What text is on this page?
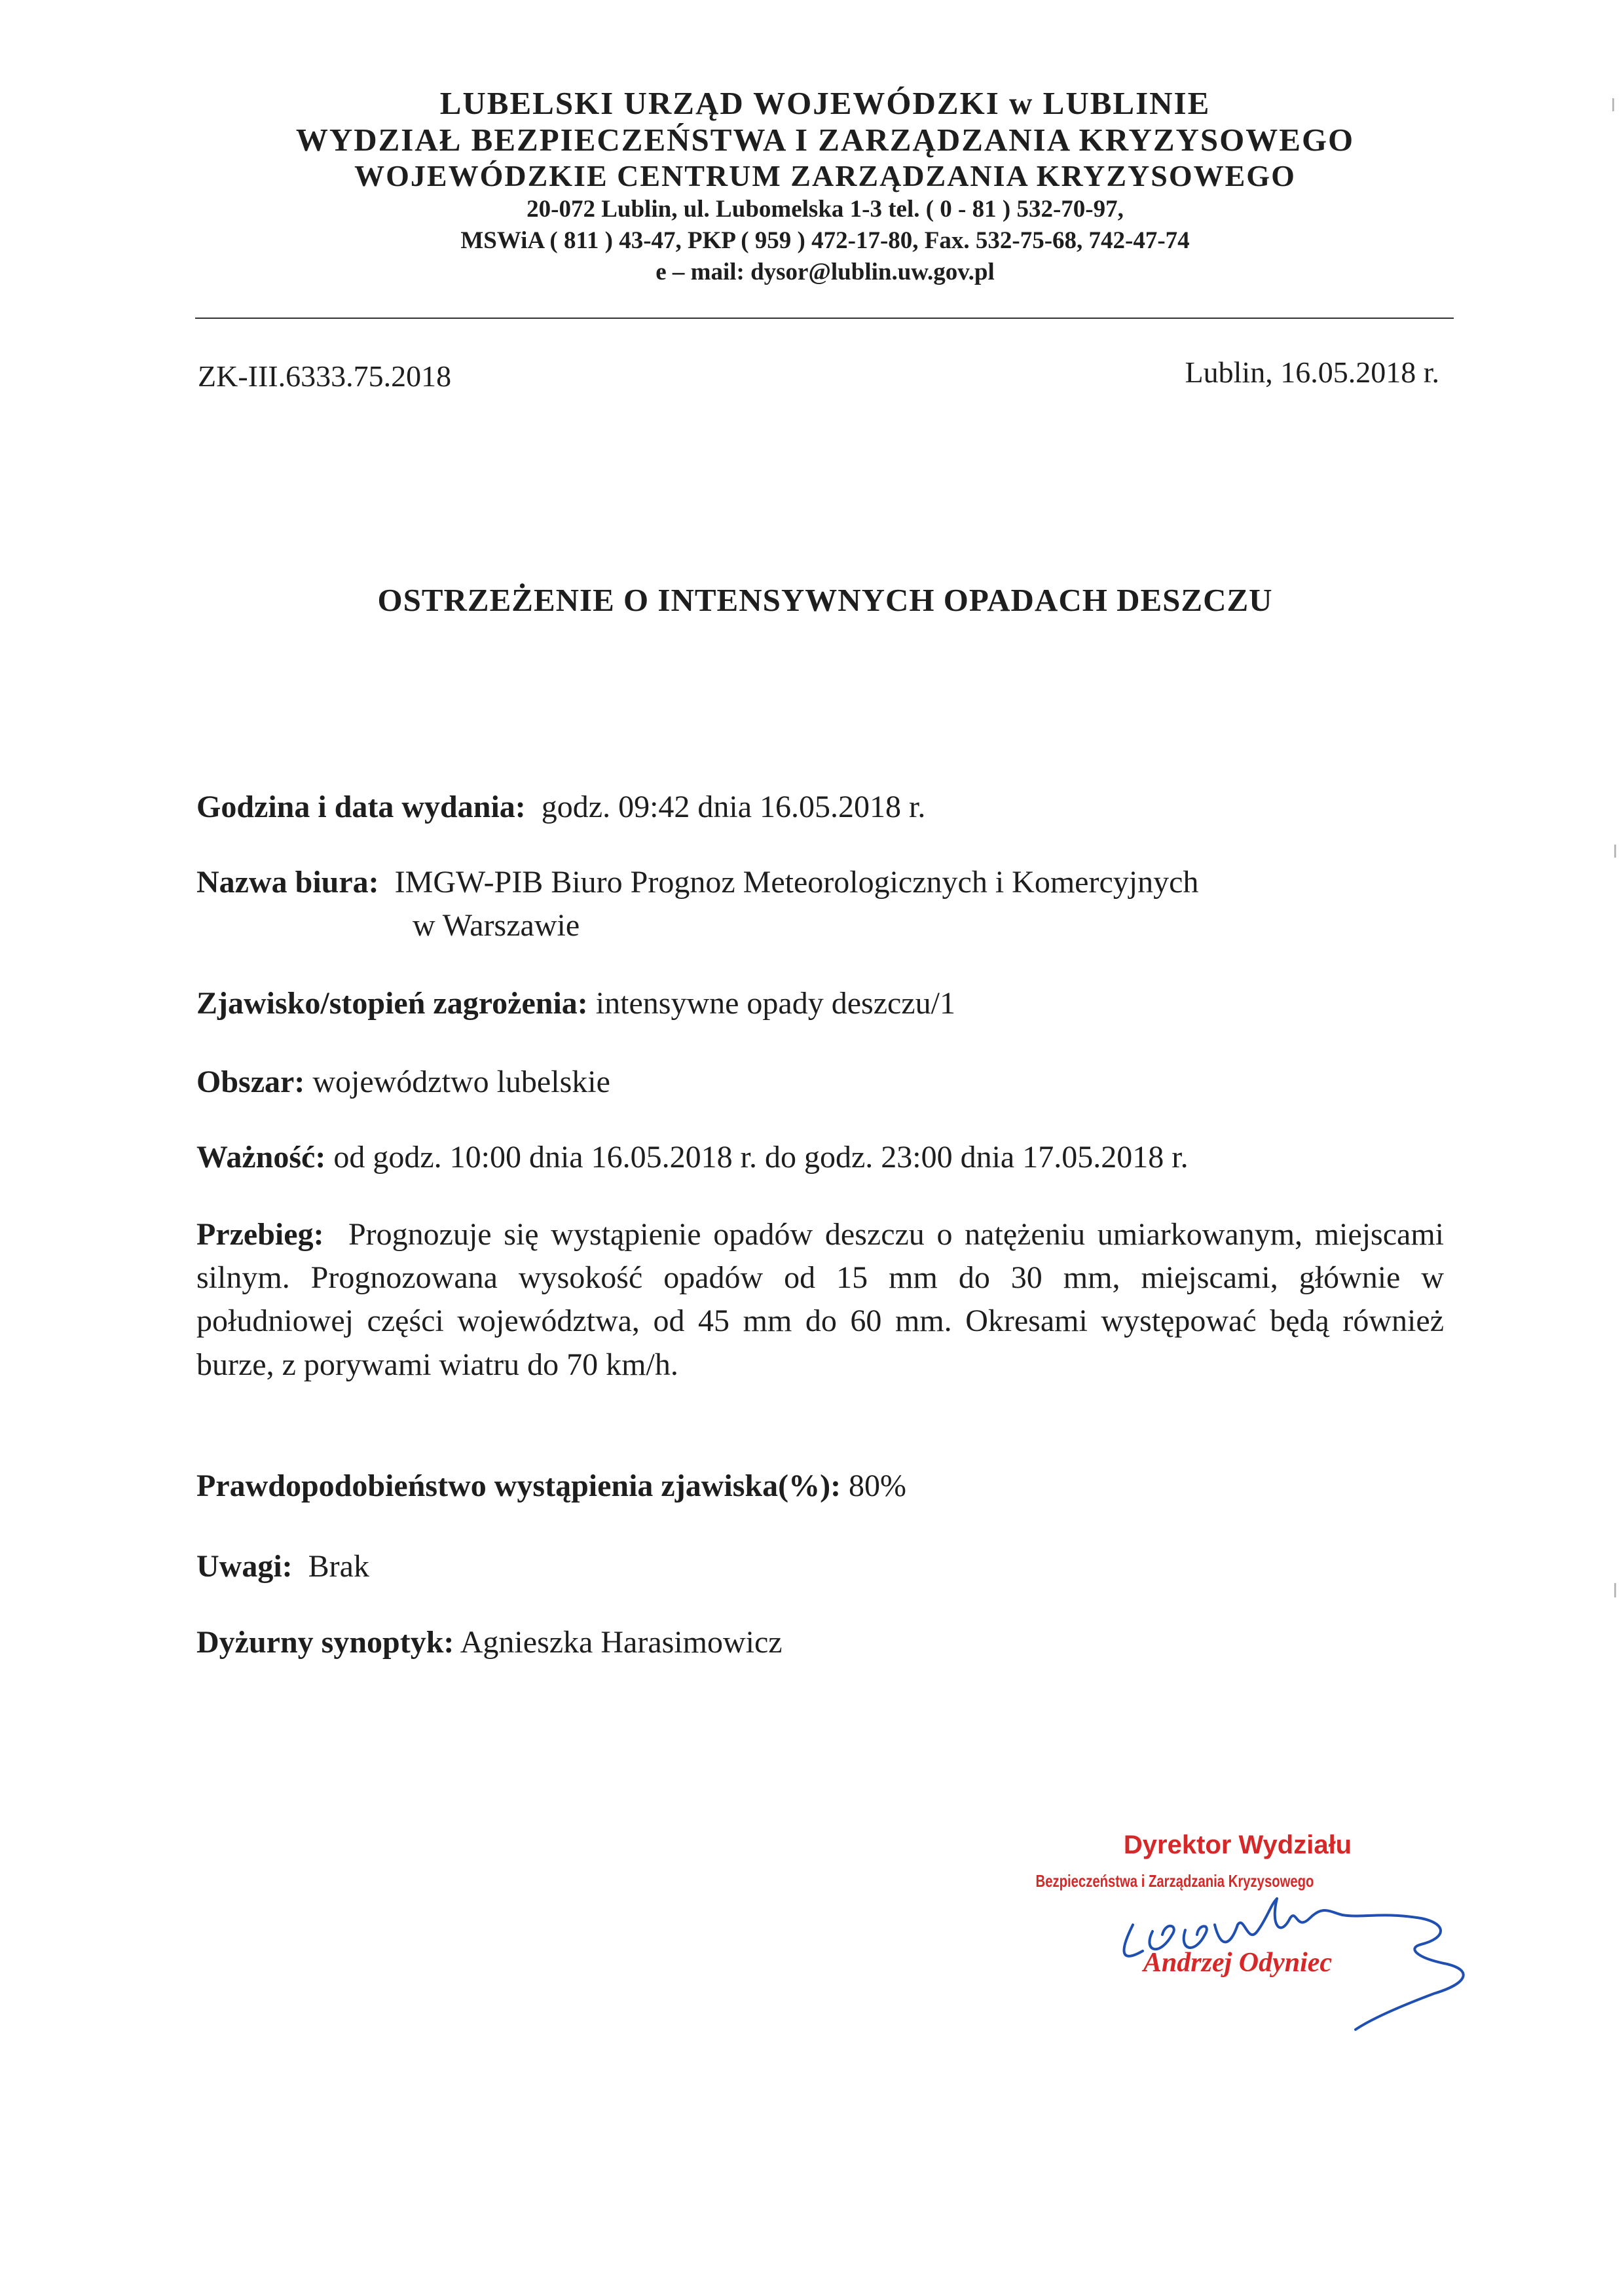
LUBELSKI URZĄD WOJEWÓDZKI w LUBLINIE
WYDZIAŁ BEZPIECZEŃSTWA I ZARZĄDZANIA KRYZYSOWEGO
WOJEWÓDZKIE CENTRUM ZARZĄDZANIA KRYZYSOWEGO
20-072 Lublin, ul. Lubomelska 1-3 tel. ( 0 - 81 ) 532-70-97,
MSWiA ( 811 ) 43-47, PKP ( 959 ) 472-17-80, Fax. 532-75-68, 742-47-74
e – mail: dysor@lublin.uw.gov.pl
ZK-III.6333.75.2018	Lublin, 16.05.2018 r.
OSTRZEŻENIE O INTENSYWNYCH OPADACH DESZCZU
Godzina i data wydania: godz. 09:42 dnia 16.05.2018 r.
Nazwa biura: IMGW-PIB Biuro Prognoz Meteorologicznych i Komercyjnych
w Warszawie
Zjawisko/stopień zagrożenia: intensywne opady deszczu/1
Obszar: województwo lubelskie
Ważność: od godz. 10:00 dnia 16.05.2018 r. do godz. 23:00 dnia 17.05.2018 r.
Przebieg: Prognozuje się wystąpienie opadów deszczu o natężeniu umiarkowanym, miejscami silnym. Prognozowana wysokość opadów od 15 mm do 30 mm, miejscami, głównie w południowej części województwa, od 45 mm do 60 mm. Okresami występować będą również burze, z porywami wiatru do 70 km/h.
Prawdopodobieństwo wystąpienia zjawiska(%): 80%
Uwagi: Brak
Dyżurny synoptyk: Agnieszka Harasimowicz
Dyrektor Wydziału
Bezpieczeństwa i Zarządzania Kryzysowego
Andrzej Odyniec
